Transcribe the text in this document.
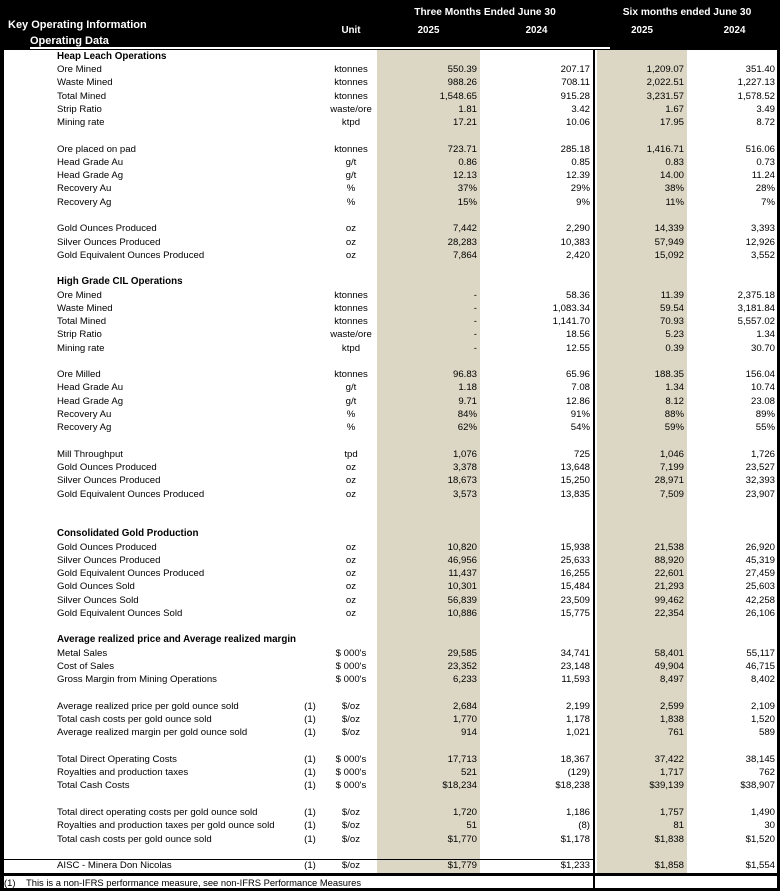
Heap Leach Operations
Ore Mined	ktonnes	550.39	207.17	1,209.07	351.40
Waste Mined	ktonnes	988.26	708.11	2,022.51	1,227.13
Total Mined	ktonnes	1,548.65	915.28	3,231.57	1,578.52
Strip Ratio	waste/ore	1.81	3.42	1.67	3.49
Mining rate	ktpd	17.21	10.06	17.95	8.72
Ore placed on pad	ktonnes	723.71	285.18	1,416.71	516.06
Head Grade Au	g/t	0.86	0.85	0.83	0.73
Head Grade Ag	g/t	12.13	12.39	14.00	11.24
Recovery Au	%	37%	29%	38%	28%
Recovery Ag	%	15%	9%	11%	7%
Gold Ounces Produced	oz	7,442	2,290	14,339	3,393
Silver Ounces Produced	oz	28,283	10,383	57,949	12,926
Gold Equivalent Ounces Produced	oz	7,864	2,420	15,092	3,552
High Grade CIL Operations
Ore Mined	ktonnes	-	58.36	11.39	2,375.18
Waste Mined	ktonnes	-	1,083.34	59.54	3,181.84
Total Mined	ktonnes	-	1,141.70	70.93	5,557.02
Strip Ratio	waste/ore	-	18.56	5.23	1.34
Mining rate	ktpd	-	12.55	0.39	30.70
Ore Milled	ktonnes	96.83	65.96	188.35	156.04
Head Grade Au	g/t	1.18	7.08	1.34	10.74
Head Grade Ag	g/t	9.71	12.86	8.12	23.08
Recovery Au	%	84%	91%	88%	89%
Recovery Ag	%	62%	54%	59%	55%
Mill Throughput	tpd	1,076	725	1,046	1,726
Gold Ounces Produced	oz	3,378	13,648	7,199	23,527
Silver Ounces Produced	oz	18,673	15,250	28,971	32,393
Gold Equivalent Ounces Produced	oz	3,573	13,835	7,509	23,907
Consolidated Gold Production
Gold Ounces Produced	oz	10,820	15,938	21,538	26,920
Silver Ounces Produced	oz	46,956	25,633	88,920	45,319
Gold Equivalent Ounces Produced	oz	11,437	16,255	22,601	27,459
Gold Ounces Sold	oz	10,301	15,484	21,293	25,603
Silver Ounces Sold	oz	56,839	23,509	99,462	42,258
Gold Equivalent Ounces Sold	oz	10,886	15,775	22,354	26,106
Average realized price and Average realized margin
Metal Sales	$ 000's	29,585	34,741	58,401	55,117
Cost of Sales	$ 000's	23,352	23,148	49,904	46,715
Gross Margin from Mining Operations	$ 000's	6,233	11,593	8,497	8,402
Average realized price per gold ounce sold	(1)	$/oz	2,684	2,199	2,599	2,109
Total cash costs per gold ounce sold	(1)	$/oz	1,770	1,178	1,838	1,520
Average realized margin per gold ounce sold	(1)	$/oz	914	1,021	761	589
Total Direct Operating Costs	(1)	$ 000's	17,713	18,367	37,422	38,145
Royalties and production taxes	(1)	$ 000's	521	(129)	1,717	762
Total Cash Costs	(1)	$ 000's	$18,234	$18,238	$39,139	$38,907
Total direct operating costs per gold ounce sold	(1)	$/oz	1,720	1,186	1,757	1,490
Royalties and production taxes per gold ounce sold	(1)	$/oz	51	(8)	81	30
Total cash costs per gold ounce sold	(1)	$/oz	$1,770	$1,178	$1,838	$1,520
AISC - Minera Don Nicolas	(1)	$/oz	$1,779	$1,233	$1,858	$1,554
Key Operating Information
Operating Data
Unit
Three Months Ended June 30	Six months ended June 30
2025	2024	2025	2024
(1)	This is a non-IFRS performance measure, see non-IFRS Performance Measures
